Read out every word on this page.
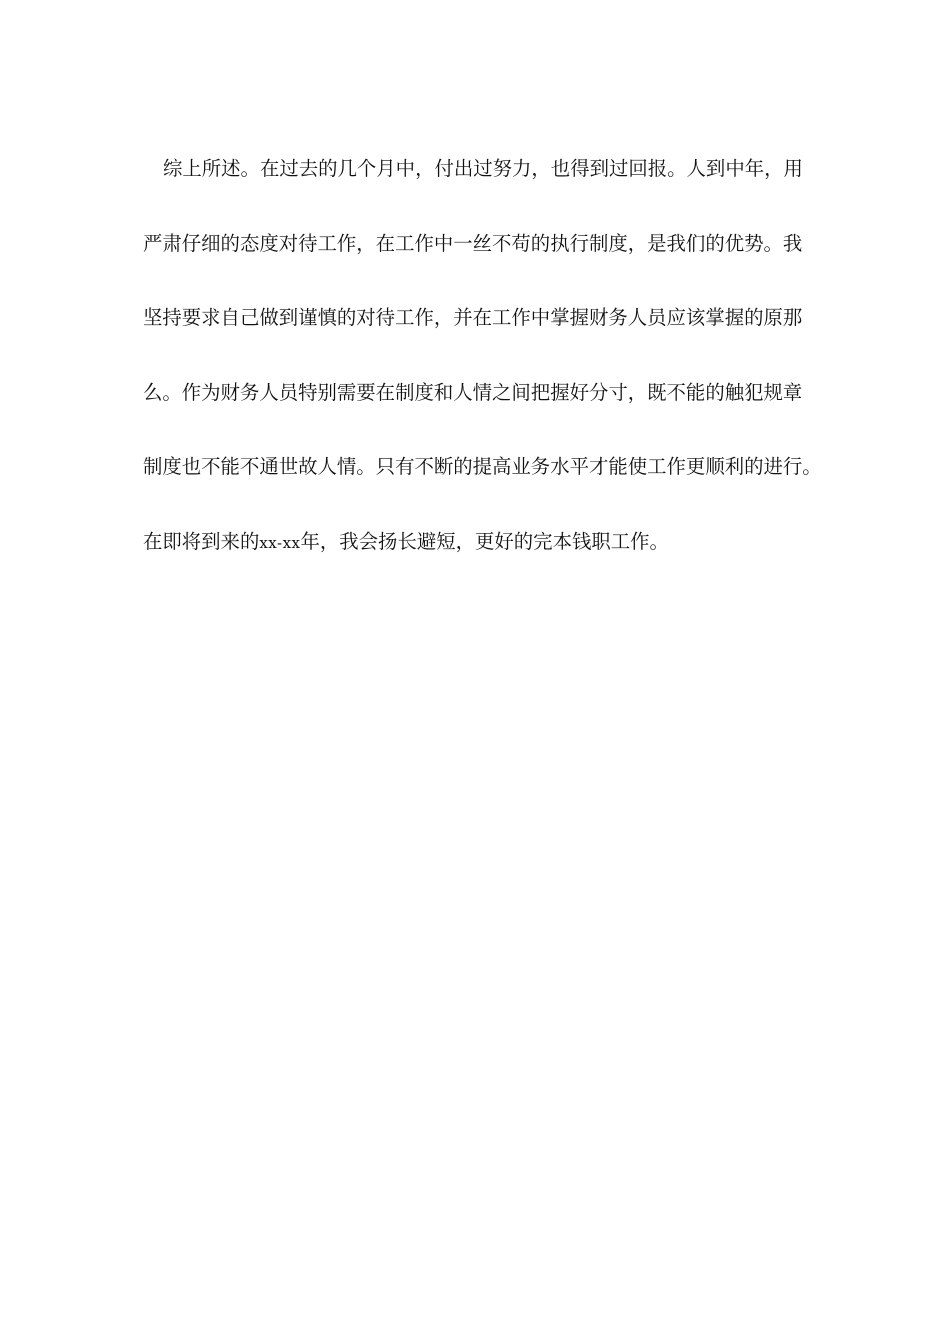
综上所述。在过去的几个月中，付出过努力，也得到过回报。人到中年，用
严肃仔细的态度对待工作，在工作中一丝不苟的执行制度，是我们的优势。我
坚持要求自己做到谨慎的对待工作，并在工作中掌握财务人员应该掌握的原那
么。作为财务人员特别需要在制度和人情之间把握好分寸，既不能的触犯规章
制度也不能不通世故人情。只有不断的提高业务水平才能使工作更顺利的进行。
在即将到来的xx-xx年，我会扬长避短，更好的完本钱职工作。
